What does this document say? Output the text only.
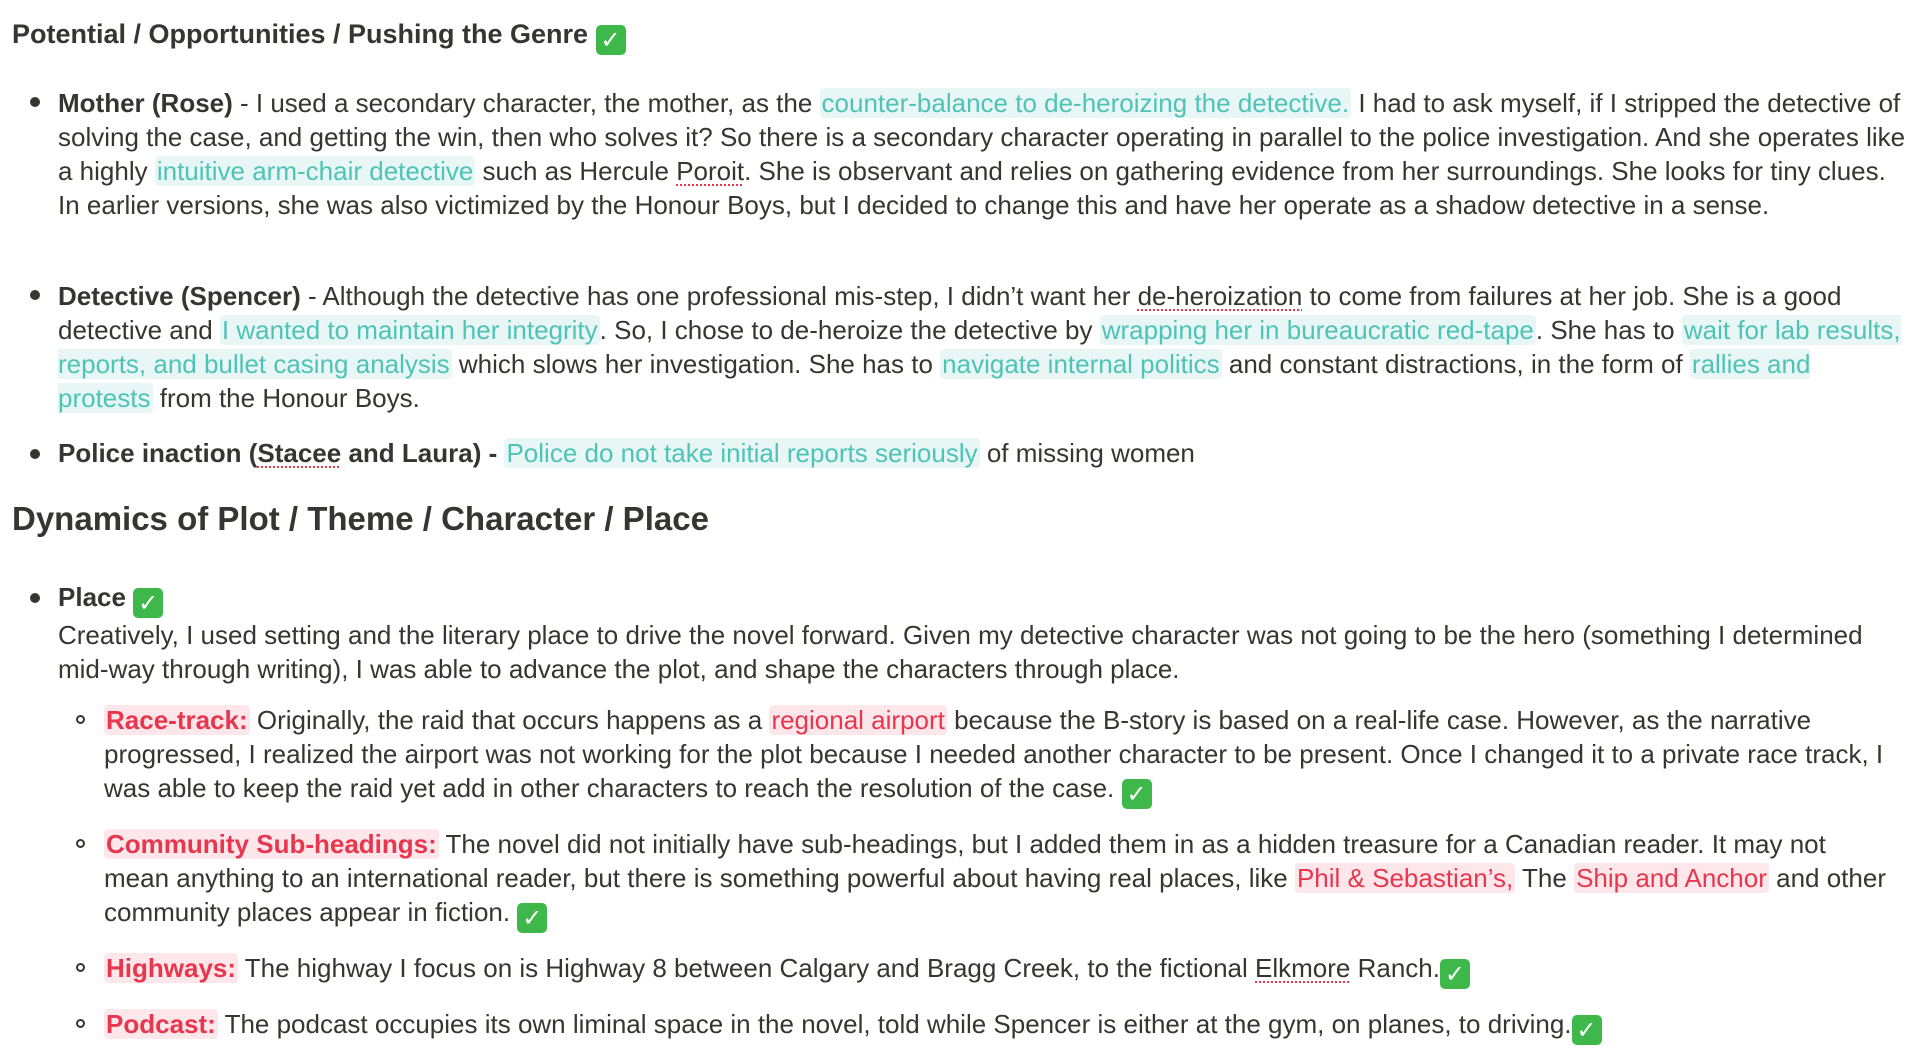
Potential / Opportunities / Pushing the Genre ✓

Mother (Rose) - I used a secondary character, the mother, as the counter-balance to de-heroizing the detective. I had to ask myself, if I stripped the detective of solving the case, and getting the win, then who solves it? So there is a secondary character operating in parallel to the police investigation. And she operates like a highly intuitive arm-chair detective such as Hercule Poroit. She is observant and relies on gathering evidence from her surroundings. She looks for tiny clues. In earlier versions, she was also victimized by the Honour Boys, but I decided to change this and have her operate as a shadow detective in a sense.

Detective (Spencer) - Although the detective has one professional mis-step, I didn’t want her de-heroization to come from failures at her job. She is a good detective and I wanted to maintain her integrity. So, I chose to de-heroize the detective by wrapping her in bureaucratic red-tape. She has to wait for lab results, reports, and bullet casing analysis which slows her investigation. She has to navigate internal politics and constant distractions, in the form of rallies and protests from the Honour Boys.

Police inaction (Stacee and Laura) - Police do not take initial reports seriously of missing women

Dynamics of Plot / Theme / Character / Place

Place ✓
Creatively, I used setting and the literary place to drive the novel forward. Given my detective character was not going to be the hero (something I determined mid-way through writing), I was able to advance the plot, and shape the characters through place.

Race-track: Originally, the raid that occurs happens as a regional airport because the B-story is based on a real-life case. However, as the narrative progressed, I realized the airport was not working for the plot because I needed another character to be present. Once I changed it to a private race track, I was able to keep the raid yet add in other characters to reach the resolution of the case. ✓

Community Sub-headings: The novel did not initially have sub-headings, but I added them in as a hidden treasure for a Canadian reader. It may not mean anything to an international reader, but there is something powerful about having real places, like Phil & Sebastian’s, The Ship and Anchor and other community places appear in fiction. ✓

Highways: The highway I focus on is Highway 8 between Calgary and Bragg Creek, to the fictional Elkmore Ranch. ✓

Podcast: The podcast occupies its own liminal space in the novel, told while Spencer is either at the gym, on planes, to driving. ✓
